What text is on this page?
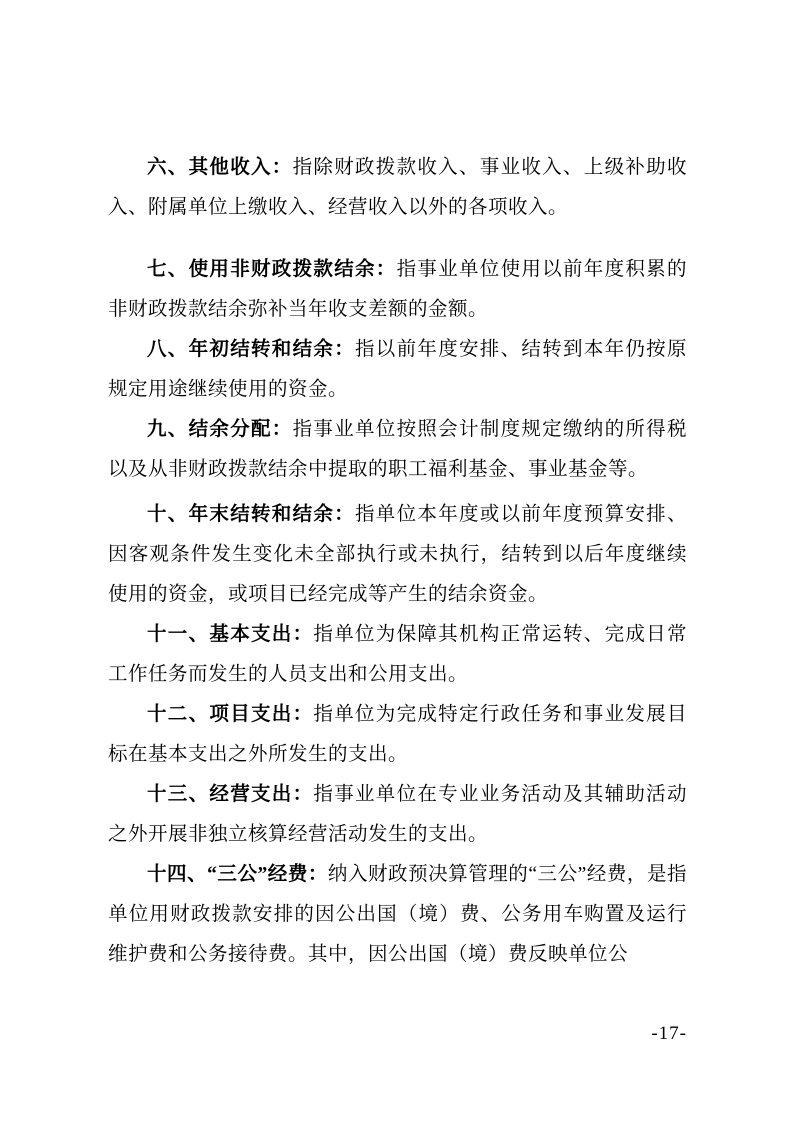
六、其他收入：指除财政拨款收入、事业收入、上级补助收入、附属单位上缴收入、经营收入以外的各项收入。

七、使用非财政拨款结余：指事业单位使用以前年度积累的非财政拨款结余弥补当年收支差额的金额。

八、年初结转和结余：指以前年度安排、结转到本年仍按原规定用途继续使用的资金。

九、结余分配：指事业单位按照会计制度规定缴纳的所得税以及从非财政拨款结余中提取的职工福利基金、事业基金等。

十、年末结转和结余：指单位本年度或以前年度预算安排、因客观条件发生变化未全部执行或未执行，结转到以后年度继续使用的资金，或项目已经完成等产生的结余资金。

十一、基本支出：指单位为保障其机构正常运转、完成日常工作任务而发生的人员支出和公用支出。

十二、项目支出：指单位为完成特定行政任务和事业发展目标在基本支出之外所发生的支出。

十三、经营支出：指事业单位在专业业务活动及其辅助活动之外开展非独立核算经营活动发生的支出。

十四、“三公”经费：纳入财政预决算管理的“三公”经费，是指单位用财政拨款安排的因公出国（境）费、公务用车购置及运行维护费和公务接待费。其中，因公出国（境）费反映单位公

-17-
